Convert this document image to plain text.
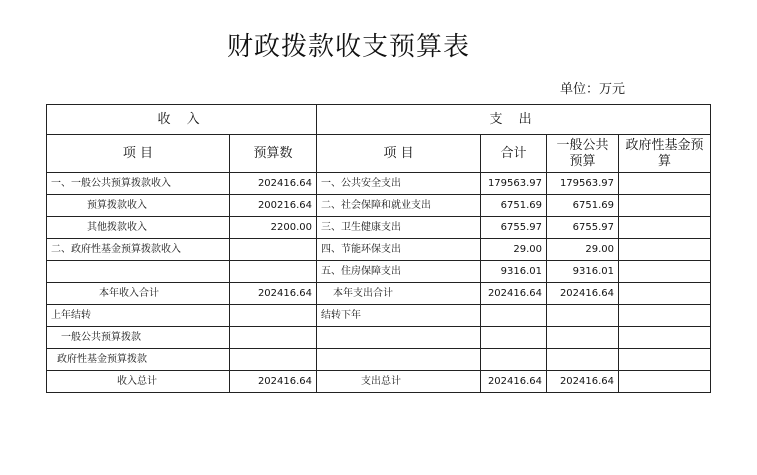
财政拨款收支预算表
单位：万元
收 入		支 出			
项 目	预算数	项 目	合计	一般公共预算	政府性基金预算
一、一般公共预算拨款收入	202416.64	一、公共安全支出	179563.97	179563.97	
预算拨款收入	200216.64	二、社会保障和就业支出	6751.69	6751.69	
其他拨款收入	2200.00	三、卫生健康支出	6755.97	6755.97	
二、政府性基金预算拨款收入		四、节能环保支出	29.00	29.00	
		五、住房保障支出	9316.01	9316.01	
本年收入合计	202416.64	本年支出合计	202416.64	202416.64	
上年结转		结转下年			
一般公共预算拨款					
政府性基金预算拨款					
收入总计	202416.64	支出总计	202416.64	202416.64	
